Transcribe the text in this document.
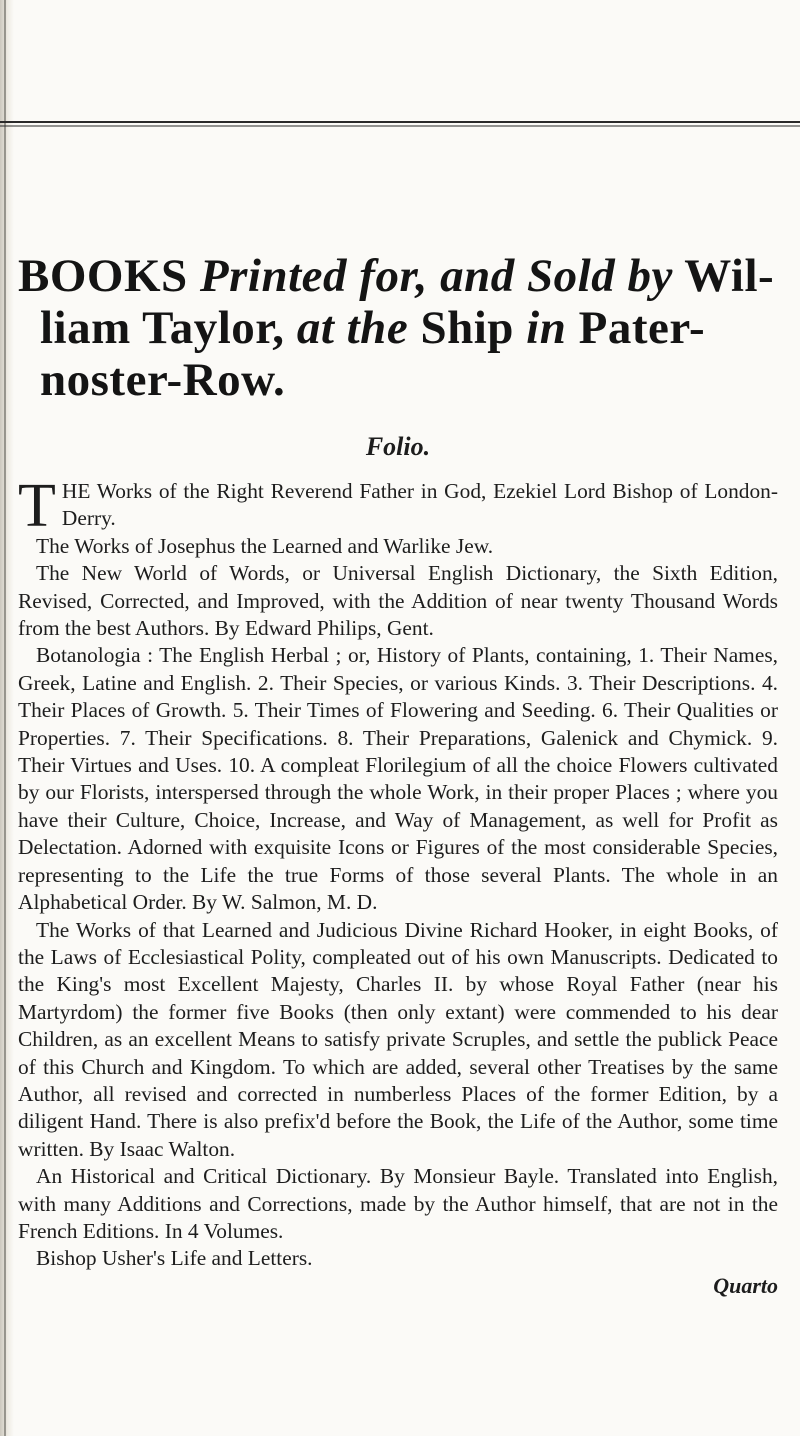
BOOKS Printed for, and Sold by Wil-
liam Taylor, at the Ship in Pater-
noster-Row.
Folio.

T HE Works of the Right Reverend Father in God, Ezekiel Lord Bishop of London-Derry.

The Works of Josephus the Learned and Warlike Jew.

The New World of Words, or Universal English Dictionary, the Sixth Edition, Revised, Corrected, and Improved, with the Addition of near twenty Thousand Words from the best Authors. By Edward Philips, Gent.

Botanologia : The English Herbal ; or, History of Plants, containing, 1. Their Names, Greek, Latine and English. 2. Their Species, or various Kinds. 3. Their Descriptions. 4. Their Places of Growth. 5. Their Times of Flowering and Seeding. 6. Their Qualities or Properties. 7. Their Specifications. 8. Their Preparations, Galenick and Chymick. 9. Their Virtues and Uses. 10. A compleat Florilegium of all the choice Flowers cultivated by our Florists, interspersed through the whole Work, in their proper Places ; where you have their Culture, Choice, Increase, and Way of Management, as well for Profit as Delectation. Adorned with exquisite Icons or Figures of the most considerable Species, representing to the Life the true Forms of those several Plants. The whole in an Alphabetical Order. By W. Salmon, M. D.

The Works of that Learned and Judicious Divine Richard Hooker, in eight Books, of the Laws of Ecclesiastical Polity, compleated out of his own Manuscripts. Dedicated to the King's most Excellent Majesty, Charles II. by whose Royal Father (near his Martyrdom) the former five Books (then only extant) were commended to his dear Children, as an excellent Means to satisfy private Scruples, and settle the publick Peace of this Church and Kingdom. To which are added, several other Treatises by the same Author, all revised and corrected in numberless Places of the former Edition, by a diligent Hand. There is also prefix'd before the Book, the Life of the Author, some time written. By Isaac Walton.

An Historical and Critical Dictionary. By Monsieur Bayle. Translated into English, with many Additions and Corrections, made by the Author himself, that are not in the French Editions. In 4 Volumes.

Bishop Usher's Life and Letters.

Quarto
